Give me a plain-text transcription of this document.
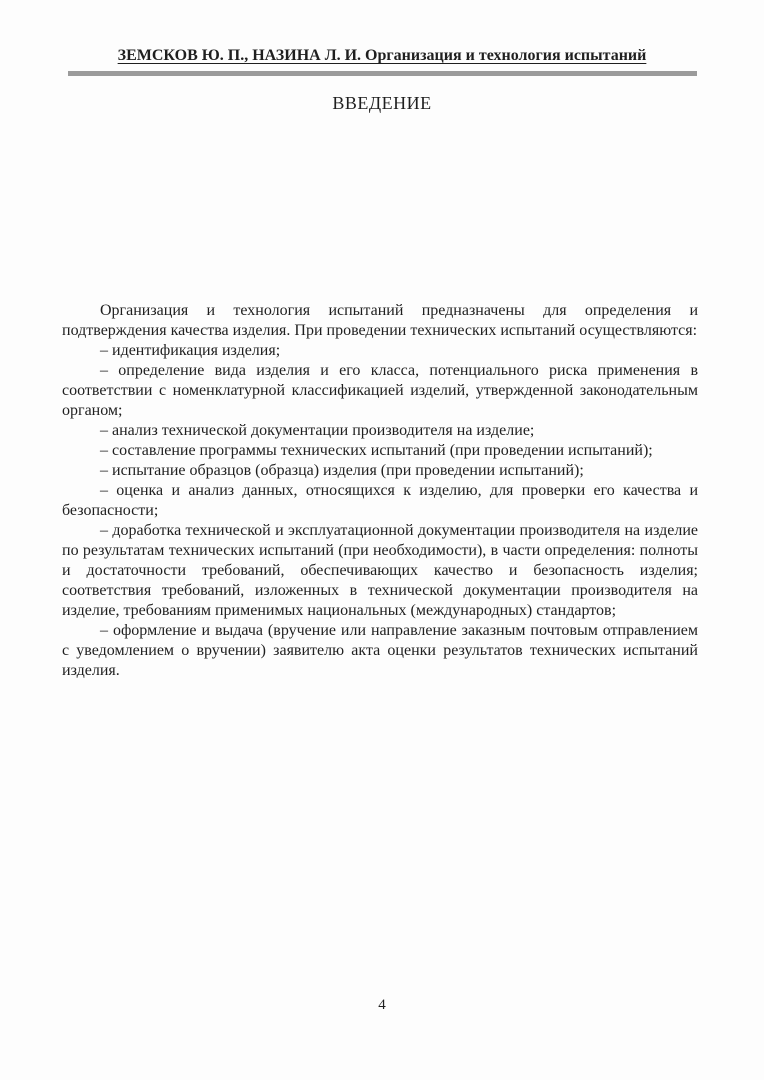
ЗЕМСКОВ Ю. П., НАЗИНА Л. И. Организация и технология испытаний
ВВЕДЕНИЕ

Организация и технология испытаний предназначены для определения и подтверждения качества изделия. При проведении технических испытаний осуществляются:

– идентификация изделия;

– определение вида изделия и его класса, потенциального риска применения в соответствии с номенклатурной классификацией изделий, утвержденной законодательным органом;

– анализ технической документации производителя на изделие;

– составление программы технических испытаний (при проведении испытаний);

– испытание образцов (образца) изделия (при проведении испытаний);

– оценка и анализ данных, относящихся к изделию, для проверки его качества и безопасности;

– доработка технической и эксплуатационной документации производителя на изделие по результатам технических испытаний (при необходимости), в части определения: полноты и достаточности требований, обеспечивающих качество и безопасность изделия; соответствия требований, изложенных в технической документации производителя на изделие, требованиям применимых национальных (международных) стандартов;

– оформление и выдача (вручение или направление заказным почтовым отправлением с уведомлением о вручении) заявителю акта оценки результатов технических испытаний изделия.

4
